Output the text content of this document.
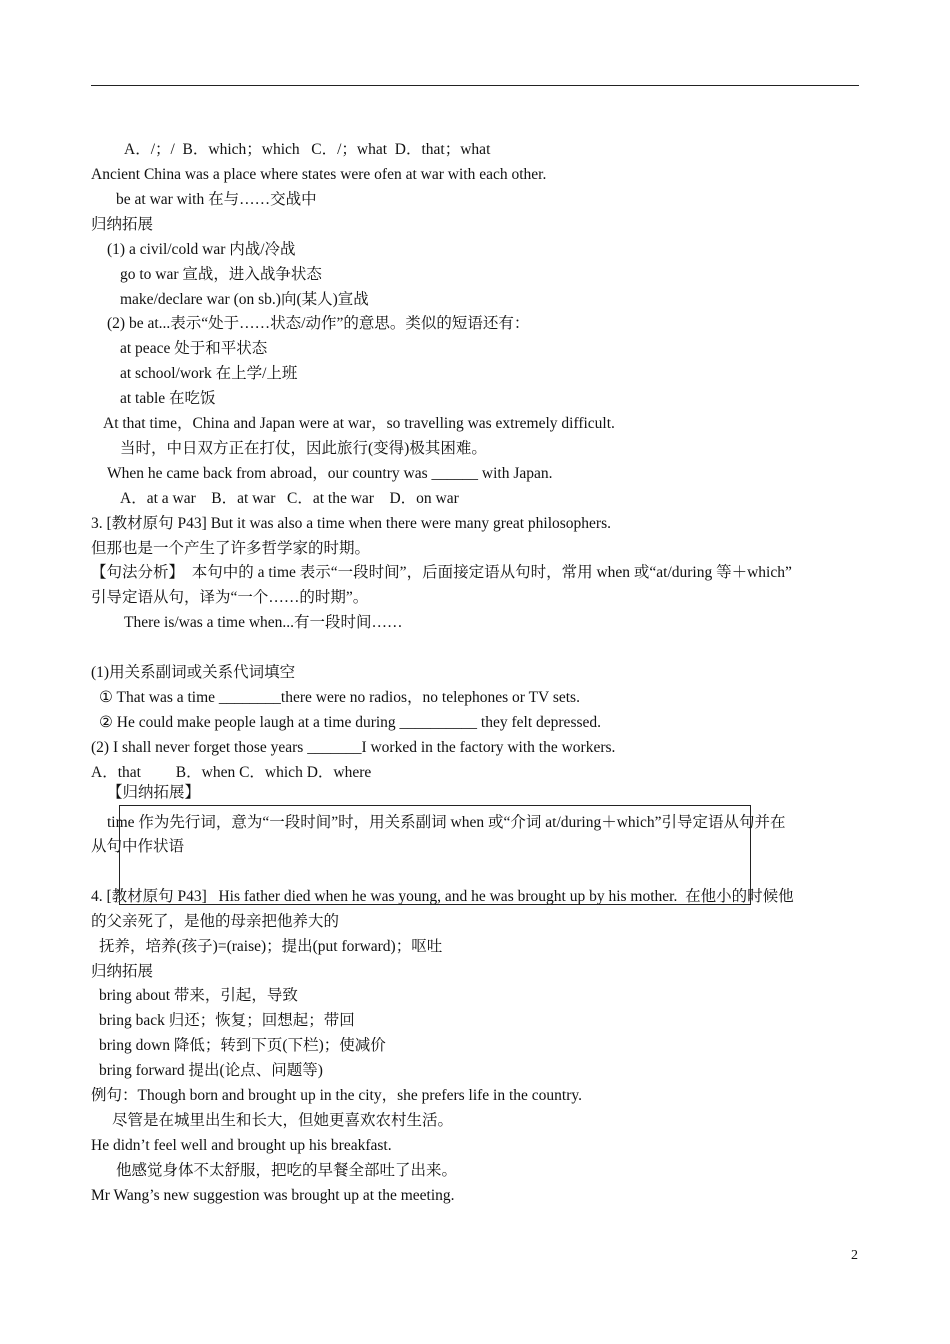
A．/；/  B．which；which   C．/；what  D．that；what
Ancient China was a place where states were ofen at war with each other.
be at war with 在与……交战中
归纳拓展
(1) a civil/cold war 内战/冷战
go to war 宣战，进入战争状态
make/declare war (on sb.)向(某人)宣战
(2) be at...表示“处于……状态/动作”的意思。类似的短语还有：
at peace 处于和平状态
at school/work 在上学/上班
at table 在吃饭
At that time，China and Japan were at war，so travelling was extremely difficult.
当时，中日双方正在打仗，因此旅行(变得)极其困难。
When he came back from abroad，our country was ______ with Japan.
A．at a war    B．at war   C．at the war    D．on war
3. [教材原句 P43] But it was also a time when there were many great philosophers.
但那也是一个产生了许多哲学家的时期。
【句法分析】  本句中的 a time 表示“一段时间”，后面接定语从句时，常用 when 或“at/during 等＋which”
引导定语从句，译为“一个……的时期”。
There is/was a time when...有一段时间……
(1)用关系副词或关系代词填空
① That was a time ________there were no radios，no telephones or TV sets.
② He could make people laugh at a time during __________ they felt depressed.
(2) I shall never forget those years _______I worked in the factory with the workers.
A．that         B．when C．which D．where
【归纳拓展】
time 作为先行词，意为“一段时间”时，用关系副词 when 或“介词 at/during＋which”引导定语从句并在
从句中作状语
4. [教材原句 P43]   His father died when he was young, and he was brought up by his mother.  在他小的时候他
的父亲死了，是他的母亲把他养大的
抚养，培养(孩子)=(raise)；提出(put forward)；呕吐
归纳拓展
bring about 带来，引起，导致
bring back 归还；恢复；回想起；带回
bring down 降低；转到下页(下栏)；使减价
bring forward 提出(论点、问题等)
例句：Though born and brought up in the city，she prefers life in the country.
尽管是在城里出生和长大，但她更喜欢农村生活。
He didn’t feel well and brought up his breakfast.
他感觉身体不太舒服，把吃的早餐全部吐了出来。
Mr Wang’s new suggestion was brought up at the meeting.
2
